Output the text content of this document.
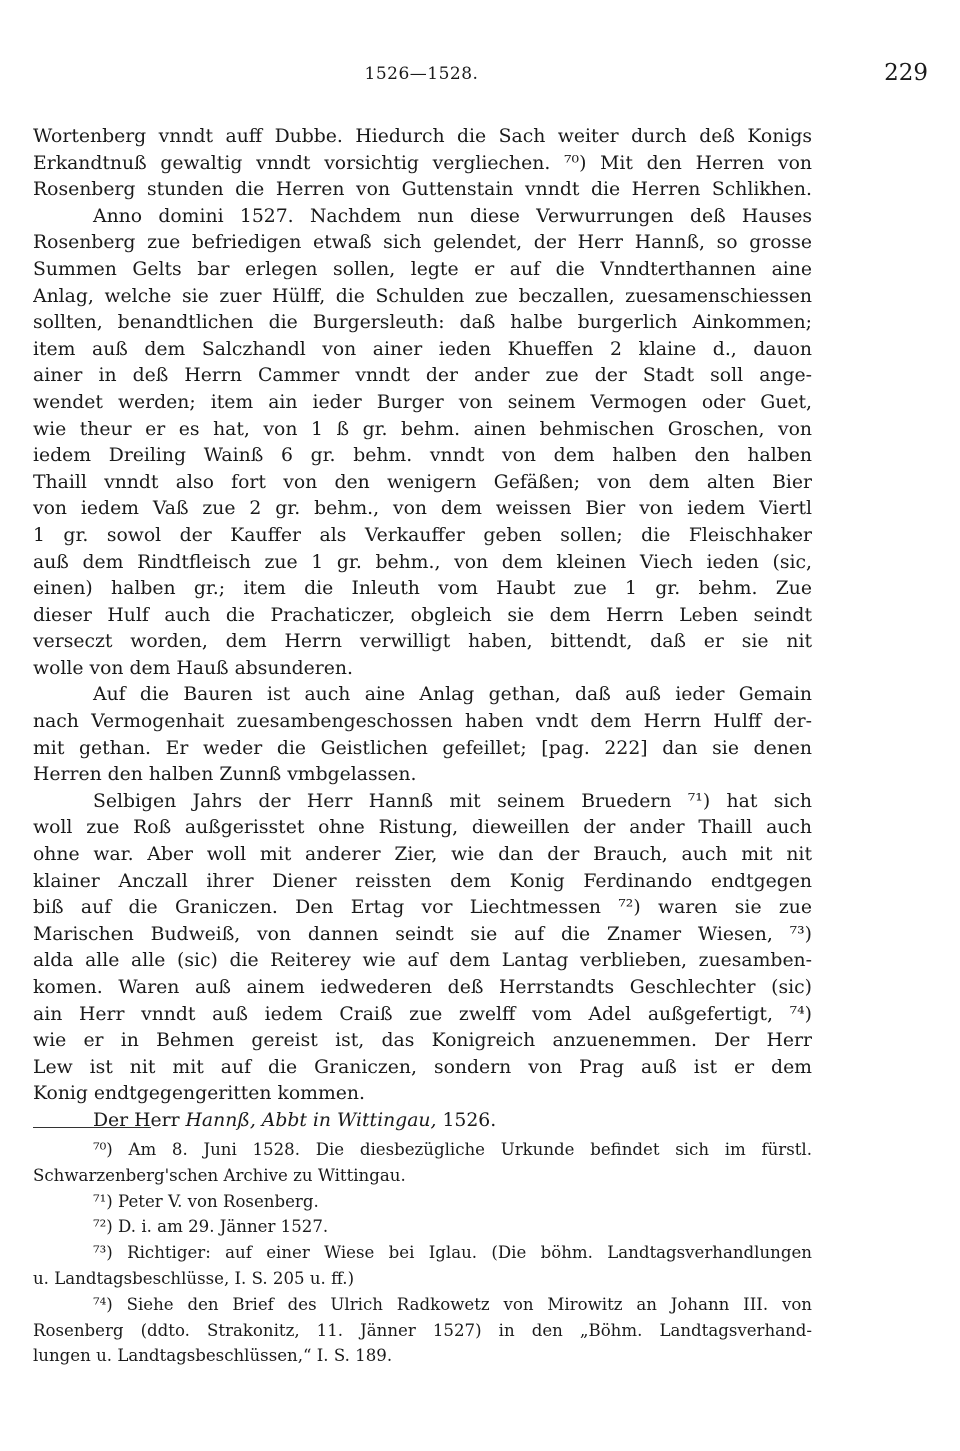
1526—1528.	229
Wortenberg vnndt auff Dubbe. Hiedurch die Sach weiter durch deß Konigs
Erkandtnuß gewaltig vnndt vorsichtig vergliechen. ⁷⁰) Mit den Herren von
Rosenberg stunden die Herren von Guttenstain vnndt die Herren Schlikhen.
Anno domini 1527. Nachdem nun diese Verwurrungen deß Hauses
Rosenberg zue befriedigen etwaß sich gelendet, der Herr Hannß, so grosse
Summen Gelts bar erlegen sollen, legte er auf die Vnndterthannen aine
Anlag, welche sie zuer Hülff, die Schulden zue beczallen, zuesamenschiessen
sollten, benandtlichen die Burgersleuth: daß halbe burgerlich Ainkommen;
item auß dem Salczhandl von ainer ieden Khueffen 2 klaine d., dauon
ainer in deß Herrn Cammer vnndt der ander zue der Stadt soll ange-
wendet werden; item ain ieder Burger von seinem Vermogen oder Guet,
wie theur er es hat, von 1 ß gr. behm. ainen behmischen Groschen, von
iedem Dreiling Wainß 6 gr. behm. vnndt von dem halben den halben
Thaill vnndt also fort von den wenigern Gefäßen; von dem alten Bier
von iedem Vaß zue 2 gr. behm., von dem weissen Bier von iedem Viertl
1 gr. sowol der Kauffer als Verkauffer geben sollen; die Fleischhaker
auß dem Rindtfleisch zue 1 gr. behm., von dem kleinen Viech ieden (sic,
einen) halben gr.; item die Inleuth vom Haubt zue 1 gr. behm. Zue
dieser Hulf auch die Prachaticzer, obgleich sie dem Herrn Leben seindt
verseczt worden, dem Herrn verwilligt haben, bittendt, daß er sie nit
wolle von dem Hauß absunderen.
Auf die Bauren ist auch aine Anlag gethan, daß auß ieder Gemain
nach Vermogenhait zuesambengeschossen haben vndt dem Herrn Hulff der-
mit gethan. Er weder die Geistlichen gefeillet; [pag. 222] dan sie denen
Herren den halben Zunnß vmbgelassen.
Selbigen Jahrs der Herr Hannß mit seinem Bruedern ⁷¹) hat sich
woll zue Roß außgerisstet ohne Ristung, dieweillen der ander Thaill auch
ohne war. Aber woll mit anderer Zier, wie dan der Brauch, auch mit nit
klainer Anczall ihrer Diener reissten dem Konig Ferdinando endtgegen
biß auf die Graniczen. Den Ertag vor Liechtmessen ⁷²) waren sie zue
Marischen Budweiß, von dannen seindt sie auf die Znamer Wiesen, ⁷³)
alda alle alle (sic) die Reiterey wie auf dem Lantag verblieben, zuesamben-
komen. Waren auß ainem iedwederen deß Herrstandts Geschlechter (sic)
ain Herr vnndt auß iedem Craiß zue zwelff vom Adel außgefertigt, ⁷⁴)
wie er in Behmen gereist ist, das Konigreich anzuenemmen. Der Herr
Lew ist nit mit auf die Graniczen, sondern von Prag auß ist er dem
Konig endtgegengeritten kommen.
Der Herr Hannß, Abbt in Wittingau, 1526.
⁷⁰) Am 8. Juni 1528. Die diesbezügliche Urkunde befindet sich im fürstl.
Schwarzenberg'schen Archive zu Wittingau.
⁷¹) Peter V. von Rosenberg.
⁷²) D. i. am 29. Jänner 1527.
⁷³) Richtiger: auf einer Wiese bei Iglau. (Die böhm. Landtagsverhandlungen
u. Landtagsbeschlüsse, I. S. 205 u. ff.)
⁷⁴) Siehe den Brief des Ulrich Radkowetz von Mirowitz an Johann III. von
Rosenberg (ddto. Strakonitz, 11. Jänner 1527) in den „Böhm. Landtagsverhand-
lungen u. Landtagsbeschlüssen,“ I. S. 189.
